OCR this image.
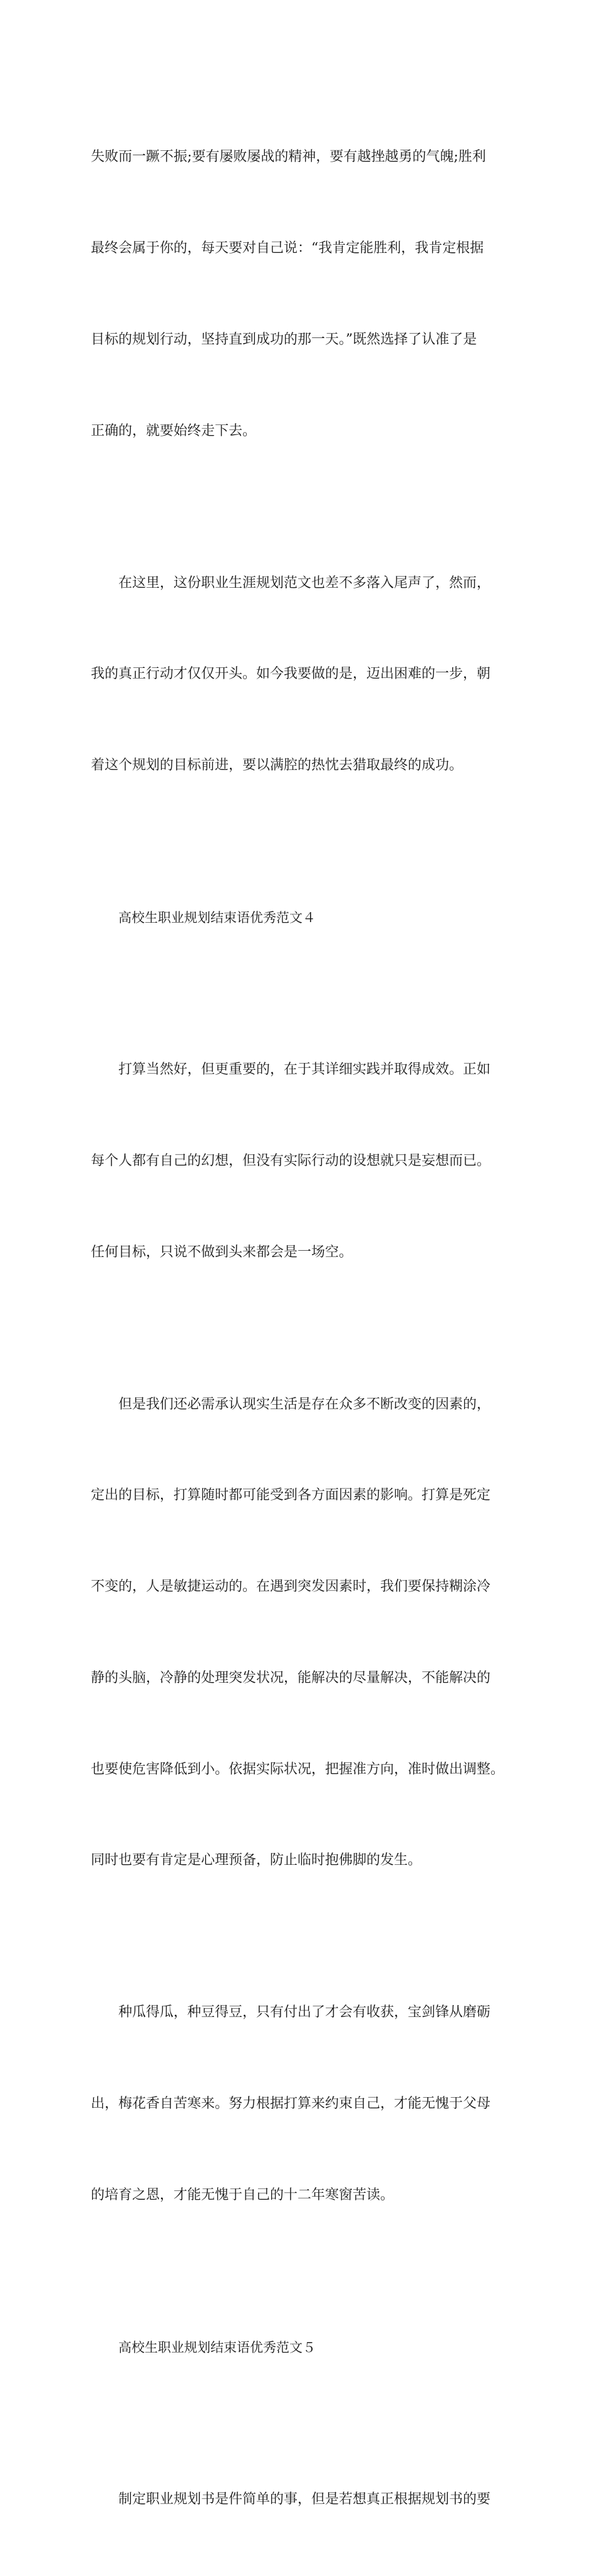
失败而一蹶不振;要有屡败屡战的精神，要有越挫越勇的气魄;胜利

最终会属于你的，每天要对自己说：“我肯定能胜利，我肯定根据

目标的规划行动，坚持直到成功的那一天。”既然选择了认准了是

正确的，就要始终走下去。

在这里，这份职业生涯规划范文也差不多落入尾声了，然而，

我的真正行动才仅仅开头。如今我要做的是，迈出困难的一步，朝

着这个规划的目标前进，要以满腔的热忱去猎取最终的成功。

高校生职业规划结束语优秀范文４

打算当然好，但更重要的，在于其详细实践并取得成效。正如

每个人都有自己的幻想，但没有实际行动的设想就只是妄想而已。

任何目标，只说不做到头来都会是一场空。

但是我们还必需承认现实生活是存在众多不断改变的因素的，

定出的目标，打算随时都可能受到各方面因素的影响。打算是死定

不变的，人是敏捷运动的。在遇到突发因素时，我们要保持糊涂冷

静的头脑，冷静的处理突发状况，能解决的尽量解决，不能解决的

也要使危害降低到小。依据实际状况，把握准方向，准时做出调整。

同时也要有肯定是心理预备，防止临时抱佛脚的发生。

种瓜得瓜，种豆得豆，只有付出了才会有收获，宝剑锋从磨砺

出，梅花香自苦寒来。努力根据打算来约束自己，才能无愧于父母

的培育之恩，才能无愧于自己的十二年寒窗苦读。

高校生职业规划结束语优秀范文５

制定职业规划书是件简单的事，但是若想真正根据规划书的要
